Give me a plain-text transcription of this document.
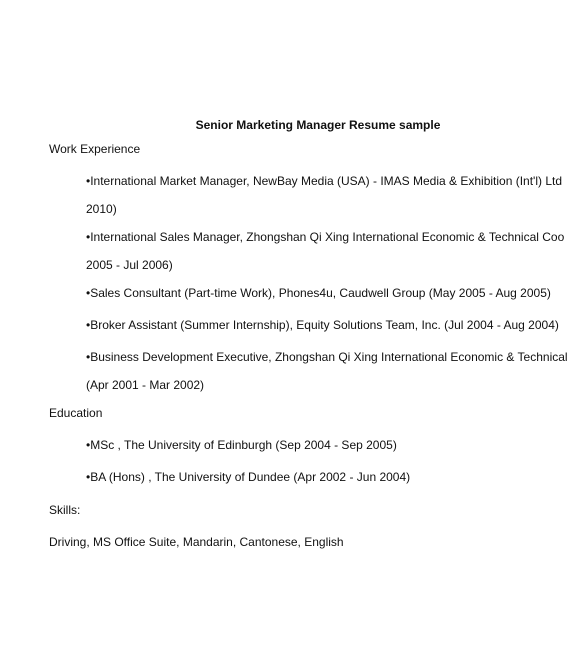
Senior Marketing Manager Resume sample
Work Experience
•International Market Manager, NewBay Media (USA) - IMAS Media & Exhibition (Int'l) Ltd
2010)
•International Sales Manager, Zhongshan Qi Xing International Economic & Technical Coo
2005 - Jul 2006)
•Sales Consultant (Part-time Work), Phones4u, Caudwell Group (May 2005 - Aug 2005)
•Broker Assistant (Summer Internship), Equity Solutions Team, Inc. (Jul 2004 - Aug 2004)
•Business Development Executive, Zhongshan Qi Xing International Economic & Technical
(Apr 2001 - Mar 2002)
Education
•MSc , The University of Edinburgh (Sep 2004 - Sep 2005)
•BA (Hons) , The University of Dundee (Apr 2002 - Jun 2004)
Skills:
Driving, MS Office Suite, Mandarin, Cantonese, English
